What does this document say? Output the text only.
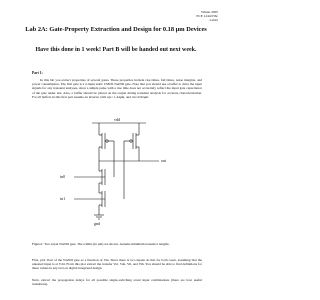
Winter 2005
ECE 124d/256c
Lab2a
Lab 2A: Gate-Property Extraction and Design for 0.18 μm Devices
Have this done in 1 week! Part B will be handed out next week.
Part 1:
In this lab you extract properties of several gates. These properties include rise times, fall times, noise margins, and power consumption. The first gate is a 2-input static CMOS NAND gate. Note that you should use a buffer to drive the input signals for any transient analyses, since a simple pulse with a rise time does not accurately reflect the input gate capacitance of the gate under test. Also, a buffer should be placed on the output during transient analysis for accurate characterization. For all buffers in this first part assume an inverter with wp= 1.44μm, and wn=0.92μm.
vdd
in0
in1
out
gnd
Figure1: Two-input NAND gate. The widths (in μm) are shown. Assume minimum transistor lengths.
First, plot Vout of the NAND gate as a function of Vin. Since there is two inputs do this for both cases, assuming that the untested input is at Vdd. From this plot extract the transfer Vol, Voh, Vil, and Vih. You should be able to find definitions for these values in any text on digital integrated design.
Next, extract the propagation delays for all possible single-switching event input combinations (there are four useful transitions).
